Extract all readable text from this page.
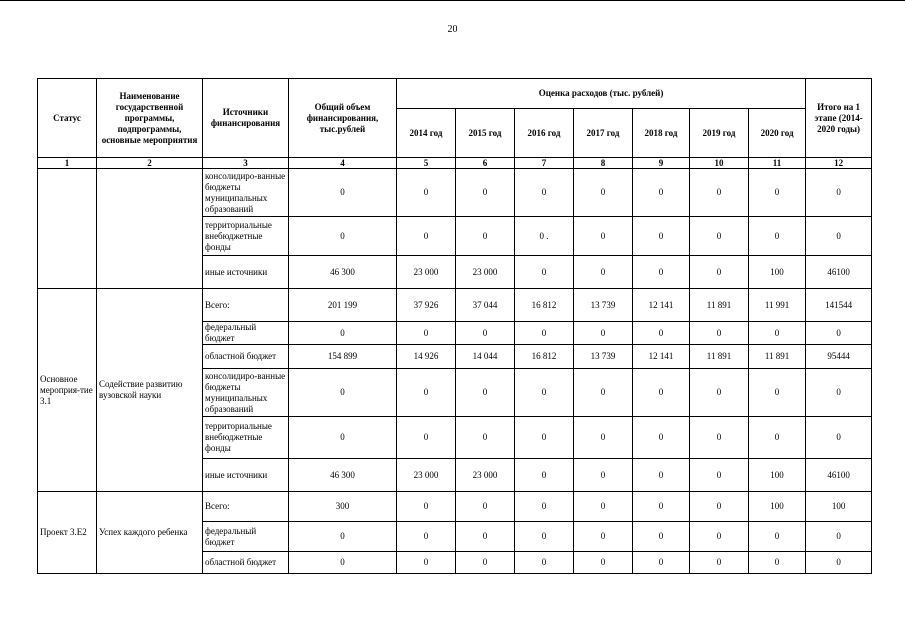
20
Статус	Наименование государственной программы, подпрограммы, основные мероприятия	Источники финансирования	Общий объем финансирования, тыс.рублей	Оценка расходов (тыс. рублей)							Итого на 1 этапе (2014-2020 годы)
				2014 год	2015 год	2016 год	2017 год	2018 год	2019 год	2020 год	
1	2	3	4	5	6	7	8	9	10	11	12
		консолидиро-ванные бюджеты муниципальных образований	0	0	0	0	0	0	0	0	0
		территориальные внебюджетные фонды	0	0	0	0 .	0	0	0	0	0
		иные источники	46 300	23 000	23 000	0	0	0	0	100	46100
Основное мероприя-тие 3.1	Содействие развитию вузовской науки	Всего:	201 199	37 926	37 044	16 812	13 739	12 141	11 891	11 991	141544
		федеральный бюджет	0	0	0	0	0	0	0	0	0
		областной бюджет	154 899	14 926	14 044	16 812	13 739	12 141	11 891	11 891	95444
		консолидиро-ванные бюджеты муниципальных образований	0	0	0	0	0	0	0	0	0
		территориальные внебюджетные фонды	0	0	0	0	0	0	0	0	0
		иные источники	46 300	23 000	23 000	0	0	0	0	100	46100
Проект 3.Е2	Успех каждого ребенка	Всего:	300	0	0	0	0	0	0	100	100
		федеральный бюджет	0	0	0	0	0	0	0	0	0
		областной бюджет	0	0	0	0	0	0	0	0	0
